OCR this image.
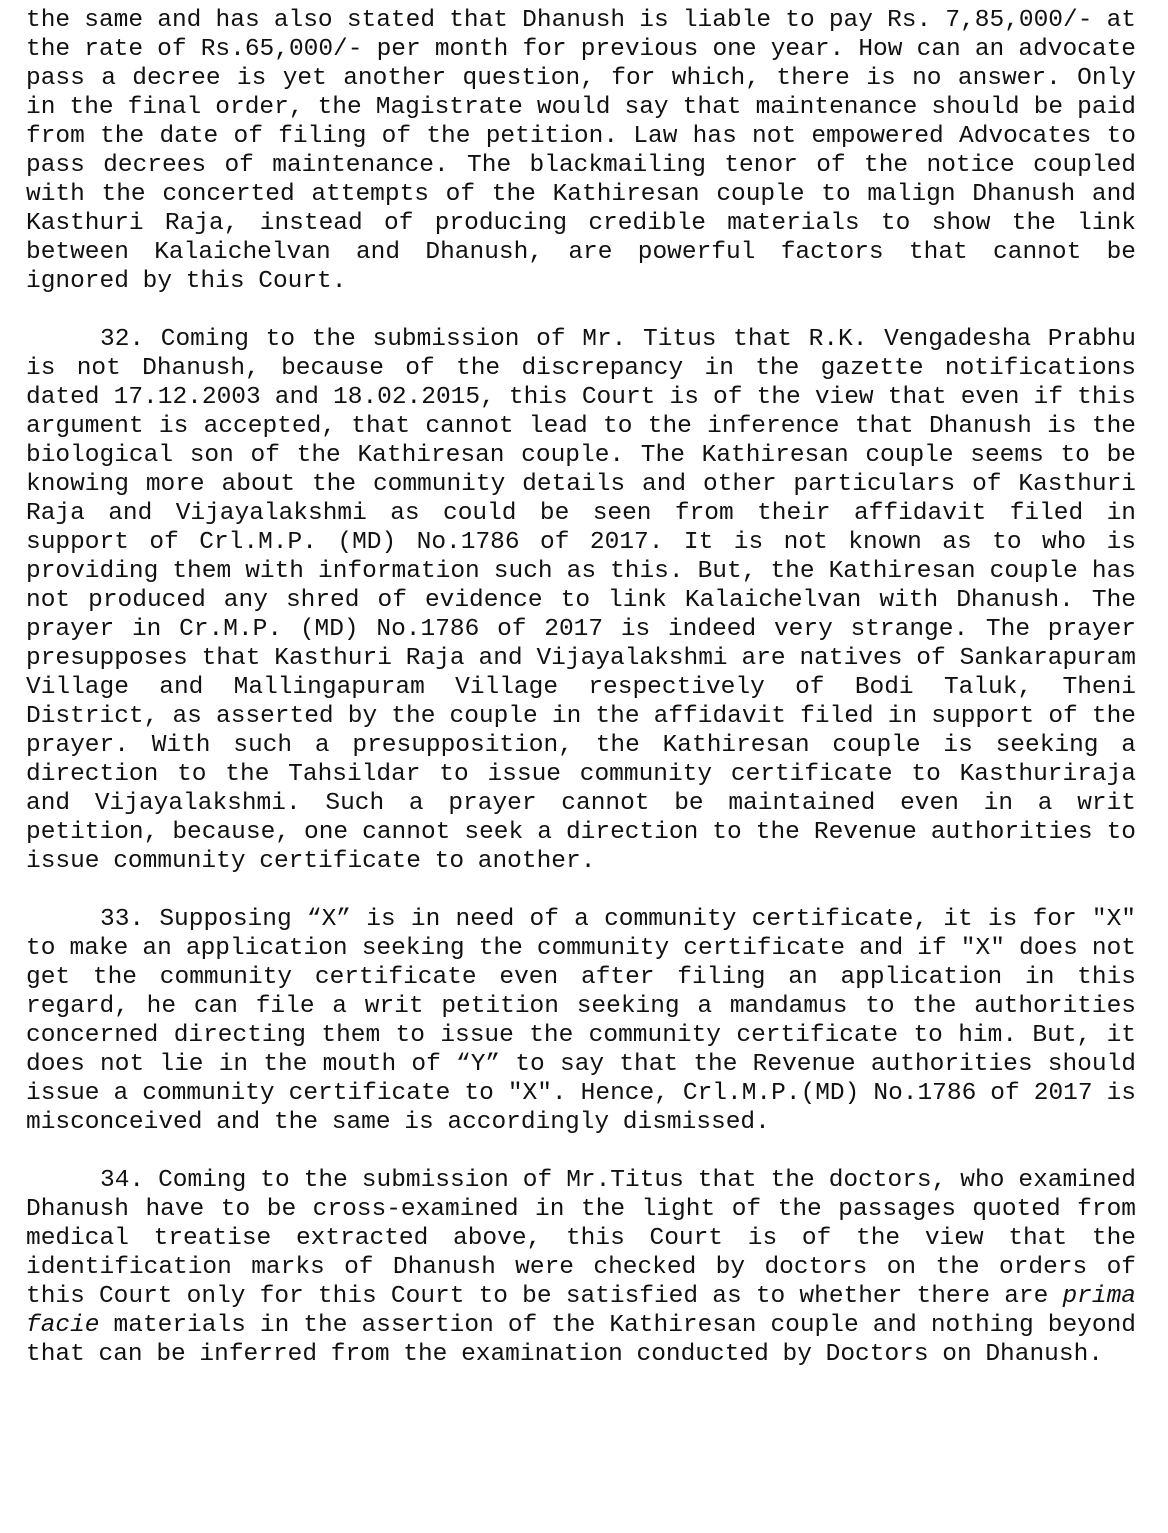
the same and has also stated that Dhanush is liable to pay Rs. 7,85,000/- at the rate of Rs.65,000/- per month for previous one year. How can an advocate pass a decree is yet another question, for which, there is no answer. Only in the final order, the Magistrate would say that maintenance should be paid from the date of filing of the petition. Law has not empowered Advocates to pass decrees of maintenance. The blackmailing tenor of the notice coupled with the concerted attempts of the Kathiresan couple to malign Dhanush and Kasthuri Raja, instead of producing credible materials to show the link between Kalaichelvan and Dhanush, are powerful factors that cannot be ignored by this Court.

32. Coming to the submission of Mr. Titus that R.K. Vengadesha Prabhu is not Dhanush, because of the discrepancy in the gazette notifications dated 17.12.2003 and 18.02.2015, this Court is of the view that even if this argument is accepted, that cannot lead to the inference that Dhanush is the biological son of the Kathiresan couple. The Kathiresan couple seems to be knowing more about the community details and other particulars of Kasthuri Raja and Vijayalakshmi as could be seen from their affidavit filed in support of Crl.M.P. (MD) No.1786 of 2017. It is not known as to who is providing them with information such as this. But, the Kathiresan couple has not produced any shred of evidence to link Kalaichelvan with Dhanush. The prayer in Cr.M.P. (MD) No.1786 of 2017 is indeed very strange. The prayer presupposes that Kasthuri Raja and Vijayalakshmi are natives of Sankarapuram Village and Mallingapuram Village respectively of Bodi Taluk, Theni District, as asserted by the couple in the affidavit filed in support of the prayer. With such a presupposition, the Kathiresan couple is seeking a direction to the Tahsildar to issue community certificate to Kasthuriraja and Vijayalakshmi. Such a prayer cannot be maintained even in a writ petition, because, one cannot seek a direction to the Revenue authorities to issue community certificate to another.

33. Supposing “X” is in need of a community certificate, it is for "X" to make an application seeking the community certificate and if "X" does not get the community certificate even after filing an application in this regard, he can file a writ petition seeking a mandamus to the authorities concerned directing them to issue the community certificate to him. But, it does not lie in the mouth of “Y” to say that the Revenue authorities should issue a community certificate to "X". Hence, Crl.M.P.(MD) No.1786 of 2017 is misconceived and the same is accordingly dismissed.

34. Coming to the submission of Mr.Titus that the doctors, who examined Dhanush have to be cross-examined in the light of the passages quoted from medical treatise extracted above, this Court is of the view that the identification marks of Dhanush were checked by doctors on the orders of this Court only for this Court to be satisfied as to whether there are prima facie materials in the assertion of the Kathiresan couple and nothing beyond that can be inferred from the examination conducted by Doctors on Dhanush.
